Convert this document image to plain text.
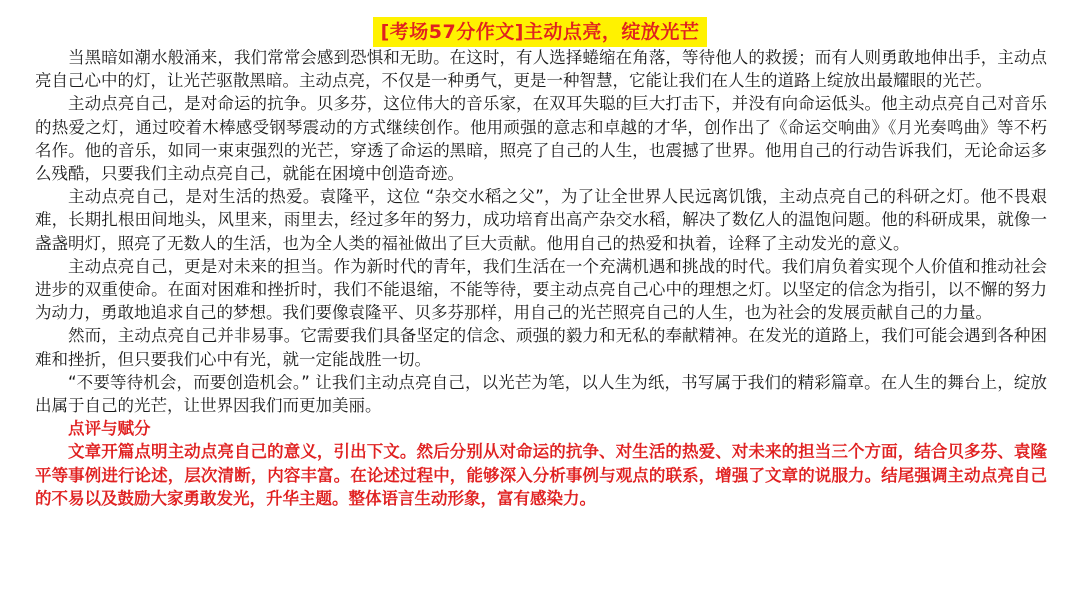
[考场57分作文]主动点亮，绽放光芒

当黑暗如潮水般涌来，我们常常会感到恐惧和无助。在这时，有人选择蜷缩在角落，等待他人的救援；而有人则勇敢地伸出手，主动点亮自己心中的灯，让光芒驱散黑暗。主动点亮，不仅是一种勇气，更是一种智慧，它能让我们在人生的道路上绽放出最耀眼的光芒。

主动点亮自己，是对命运的抗争。贝多芬，这位伟大的音乐家，在双耳失聪的巨大打击下，并没有向命运低头。他主动点亮自己对音乐的热爱之灯，通过咬着木棒感受钢琴震动的方式继续创作。他用顽强的意志和卓越的才华，创作出了《命运交响曲》《月光奏鸣曲》等不朽名作。他的音乐，如同一束束强烈的光芒，穿透了命运的黑暗，照亮了自己的人生，也震撼了世界。他用自己的行动告诉我们，无论命运多么残酷，只要我们主动点亮自己，就能在困境中创造奇迹。

主动点亮自己，是对生活的热爱。袁隆平，这位 “杂交水稻之父”，为了让全世界人民远离饥饿，主动点亮自己的科研之灯。他不畏艰难，长期扎根田间地头，风里来，雨里去，经过多年的努力，成功培育出高产杂交水稻，解决了数亿人的温饱问题。他的科研成果，就像一盏盏明灯，照亮了无数人的生活，也为全人类的福祉做出了巨大贡献。他用自己的热爱和执着，诠释了主动发光的意义。

主动点亮自己，更是对未来的担当。作为新时代的青年，我们生活在一个充满机遇和挑战的时代。我们肩负着实现个人价值和推动社会进步的双重使命。在面对困难和挫折时，我们不能退缩，不能等待，要主动点亮自己心中的理想之灯。以坚定的信念为指引，以不懈的努力为动力，勇敢地追求自己的梦想。我们要像袁隆平、贝多芬那样，用自己的光芒照亮自己的人生，也为社会的发展贡献自己的力量。

然而，主动点亮自己并非易事。它需要我们具备坚定的信念、顽强的毅力和无私的奉献精神。在发光的道路上，我们可能会遇到各种困难和挫折，但只要我们心中有光，就一定能战胜一切。

“不要等待机会，而要创造机会。” 让我们主动点亮自己，以光芒为笔，以人生为纸，书写属于我们的精彩篇章。在人生的舞台上，绽放出属于自己的光芒，让世界因我们而更加美丽。

点评与赋分
文章开篇点明主动点亮自己的意义，引出下文。然后分别从对命运的抗争、对生活的热爱、对未来的担当三个方面，结合贝多芬、袁隆平等事例进行论述，层次清断，内容丰富。在论述过程中，能够深入分析事例与观点的联系，增强了文章的说服力。结尾强调主动点亮自己的不易以及鼓励大家勇敢发光，升华主题。整体语言生动形象，富有感染力。
